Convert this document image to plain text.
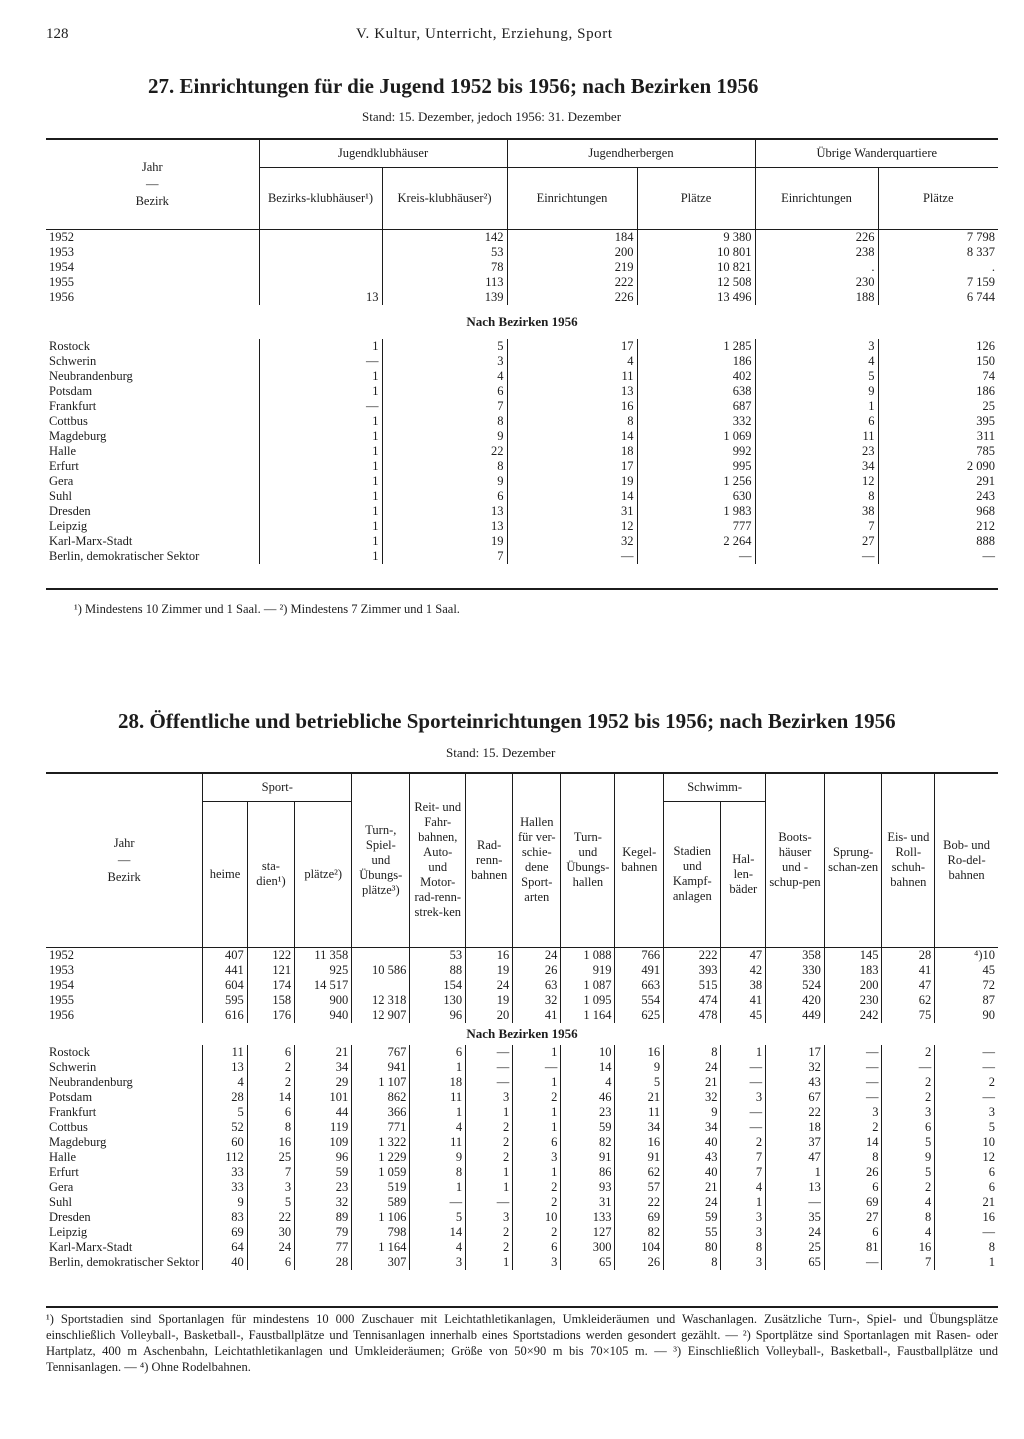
128	V. Kultur, Unterricht, Erziehung, Sport
27. Einrichtungen für die Jugend 1952 bis 1956; nach Bezirken 1956
Stand: 15. Dezember, jedoch 1956: 31. Dezember
Jahr
—
Bezirk	Jugendklubhäuser		Jugendherbergen		Übrige Wanderquartiere	
	Bezirks-klubhäuser¹)	Kreis-klubhäuser²)	Einrichtungen	Plätze	Einrichtungen	Plätze
1952		142	184	9 380	226	7 798
1953		53	200	10 801	238	8 337
1954		78	219	10 821	.	.
1955		113	222	12 508	230	7 159
1956	13	139	226	13 496	188	6 744
Nach Bezirken 1956						
Rostock	1	5	17	1 285	3	126
Schwerin	—	3	4	186	4	150
Neubrandenburg	1	4	11	402	5	74
Potsdam	1	6	13	638	9	186
Frankfurt	—	7	16	687	1	25
Cottbus	1	8	8	332	6	395
Magdeburg	1	9	14	1 069	11	311
Halle	1	22	18	992	23	785
Erfurt	1	8	17	995	34	2 090
Gera	1	9	19	1 256	12	291
Suhl	1	6	14	630	8	243
Dresden	1	13	31	1 983	38	968
Leipzig	1	13	12	777	7	212
Karl-Marx-Stadt	1	19	32	2 264	27	888
Berlin, demokratischer Sektor	1	7	—	—	—	—
¹) Mindestens 10 Zimmer und 1 Saal. — ²) Mindestens 7 Zimmer und 1 Saal.
28. Öffentliche und betriebliche Sporteinrichtungen 1952 bis 1956; nach Bezirken 1956
Stand: 15. Dezember
Jahr
—
Bezirk	Sport-			Turn-, Spiel- und Übungs-plätze³)	Reit- und Fahr-bahnen, Auto- und Motor-rad-renn-strek-ken	Rad-renn-bahnen	Hallen für ver-schie-dene Sport-arten	Turn- und Übungs-hallen	Kegel-bahnen	Schwimm-		Boots-häuser und -schup-pen	Sprung-schan-zen	Eis- und Roll-schuh-bahnen	Bob- und Ro-del-bahnen
	heime	sta-dien¹)	plätze²)							Stadien und Kampf-anlagen	Hal-len-bäder				
1952	407	122	11 358		53	16	24	1 088	766	222	47	358	145	28	⁴)10
1953	441	121	925	10 586	88	19	26	919	491	393	42	330	183	41	45
1954	604	174	14 517		154	24	63	1 087	663	515	38	524	200	47	72
1955	595	158	900	12 318	130	19	32	1 095	554	474	41	420	230	62	87
1956	616	176	940	12 907	96	20	41	1 164	625	478	45	449	242	75	90
Nach Bezirken 1956															
Rostock	11	6	21	767	6	—	1	10	16	8	1	17	—	2	—
Schwerin	13	2	34	941	1	—	—	14	9	24	—	32	—	—	—
Neubrandenburg	4	2	29	1 107	18	—	1	4	5	21	—	43	—	2	2
Potsdam	28	14	101	862	11	3	2	46	21	32	3	67	—	2	—
Frankfurt	5	6	44	366	1	1	1	23	11	9	—	22	3	3	3
Cottbus	52	8	119	771	4	2	1	59	34	34	—	18	2	6	5
Magdeburg	60	16	109	1 322	11	2	6	82	16	40	2	37	14	5	10
Halle	112	25	96	1 229	9	2	3	91	91	43	7	47	8	9	12
Erfurt	33	7	59	1 059	8	1	1	86	62	40	7	1	26	5	6
Gera	33	3	23	519	1	1	2	93	57	21	4	13	6	2	6
Suhl	9	5	32	589	—	—	2	31	22	24	1	—	69	4	21
Dresden	83	22	89	1 106	5	3	10	133	69	59	3	35	27	8	16
Leipzig	69	30	79	798	14	2	2	127	82	55	3	24	6	4	—
Karl-Marx-Stadt	64	24	77	1 164	4	2	6	300	104	80	8	25	81	16	8
Berlin, demokratischer Sektor	40	6	28	307	3	1	3	65	26	8	3	65	—	7	1
¹) Sportstadien sind Sportanlagen für mindestens 10 000 Zuschauer mit Leichtathletikanlagen, Umkleideräumen und Waschanlagen. Zusätzliche Turn-, Spiel- und Übungsplätze einschließlich Volleyball-, Basketball-, Faustballplätze und Tennisanlagen innerhalb eines Sportstadions werden gesondert gezählt. — ²) Sportplätze sind Sportanlagen mit Rasen- oder Hartplatz, 400 m Aschenbahn, Leichtathletikanlagen und Umkleideräumen; Größe von 50×90 m bis 70×105 m. — ³) Einschließlich Volleyball-, Basketball-, Faustballplätze und Tennisanlagen. — ⁴) Ohne Rodelbahnen.
